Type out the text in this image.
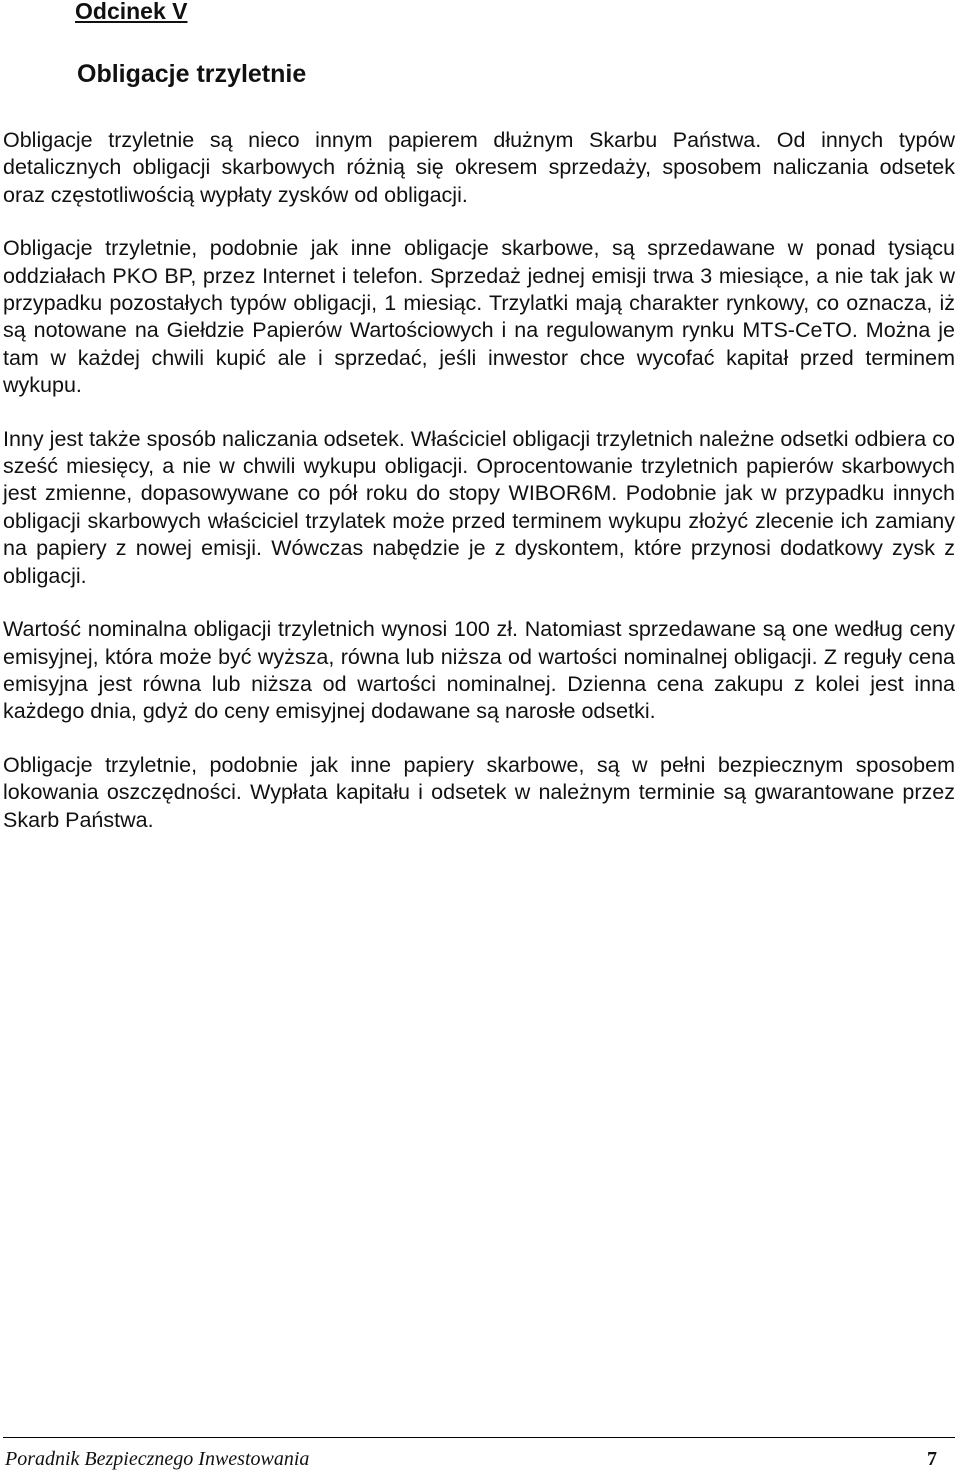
Odcinek V
Obligacje trzyletnie

Obligacje trzyletnie są nieco innym papierem dłużnym Skarbu Państwa. Od innych typów detalicznych obligacji skarbowych różnią się okresem sprzedaży, sposobem naliczania odsetek oraz częstotliwością wypłaty zysków od obligacji.

Obligacje trzyletnie, podobnie jak inne obligacje skarbowe, są sprzedawane w ponad tysiącu oddziałach PKO BP, przez Internet i telefon. Sprzedaż jednej emisji trwa 3 miesiące, a nie tak jak w przypadku pozostałych typów obligacji, 1 miesiąc. Trzylatki mają charakter rynkowy, co oznacza, iż są notowane na Giełdzie Papierów Wartościowych i na regulowanym rynku MTS-CeTO. Można je tam w każdej chwili kupić ale i sprzedać, jeśli inwestor chce wycofać kapitał przed terminem wykupu.

Inny jest także sposób naliczania odsetek. Właściciel obligacji trzyletnich należne odsetki odbiera co sześć miesięcy, a nie w chwili wykupu obligacji. Oprocentowanie trzyletnich papierów skarbowych jest zmienne, dopasowywane co pół roku do stopy WIBOR6M. Podobnie jak w przypadku innych obligacji skarbowych właściciel trzylatek może przed terminem wykupu złożyć zlecenie ich zamiany na papiery z nowej emisji. Wówczas nabędzie je z dyskontem, które przynosi dodatkowy zysk z obligacji.

Wartość nominalna obligacji trzyletnich wynosi 100 zł. Natomiast sprzedawane są one według ceny emisyjnej, która może być wyższa, równa lub niższa od wartości nominalnej obligacji. Z reguły cena emisyjna jest równa lub niższa od wartości nominalnej. Dzienna cena zakupu z kolei jest inna każdego dnia, gdyż do ceny emisyjnej dodawane są narosłe odsetki.

Obligacje trzyletnie, podobnie jak inne papiery skarbowe, są w pełni bezpiecznym sposobem lokowania oszczędności. Wypłata kapitału i odsetek w należnym terminie są gwarantowane przez Skarb Państwa.

Poradnik Bezpiecznego Inwestowania	7
